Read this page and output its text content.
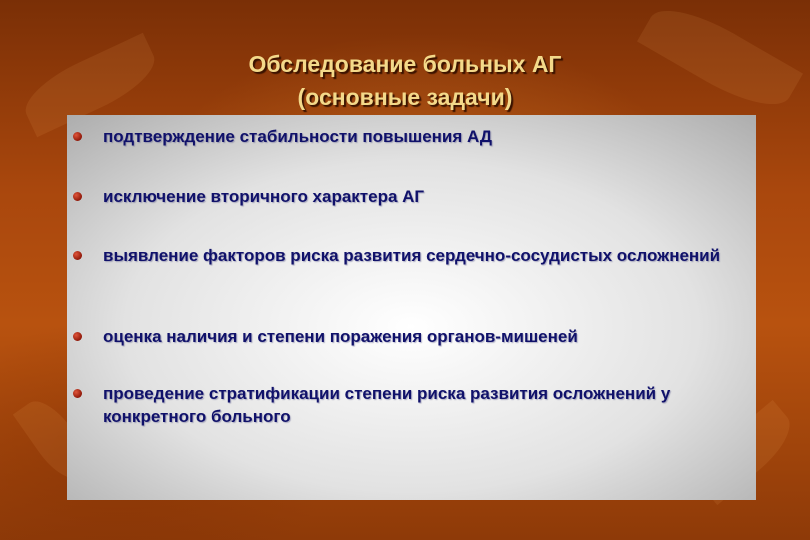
Обследование больных АГ
(основные задачи)
подтверждение стабильности повышения АД
исключение вторичного характера АГ
выявление факторов риска развития сердечно-сосудистых осложнений
оценка наличия и степени поражения органов-мишеней
проведение стратификации степени риска развития осложнений у конкретного больного
